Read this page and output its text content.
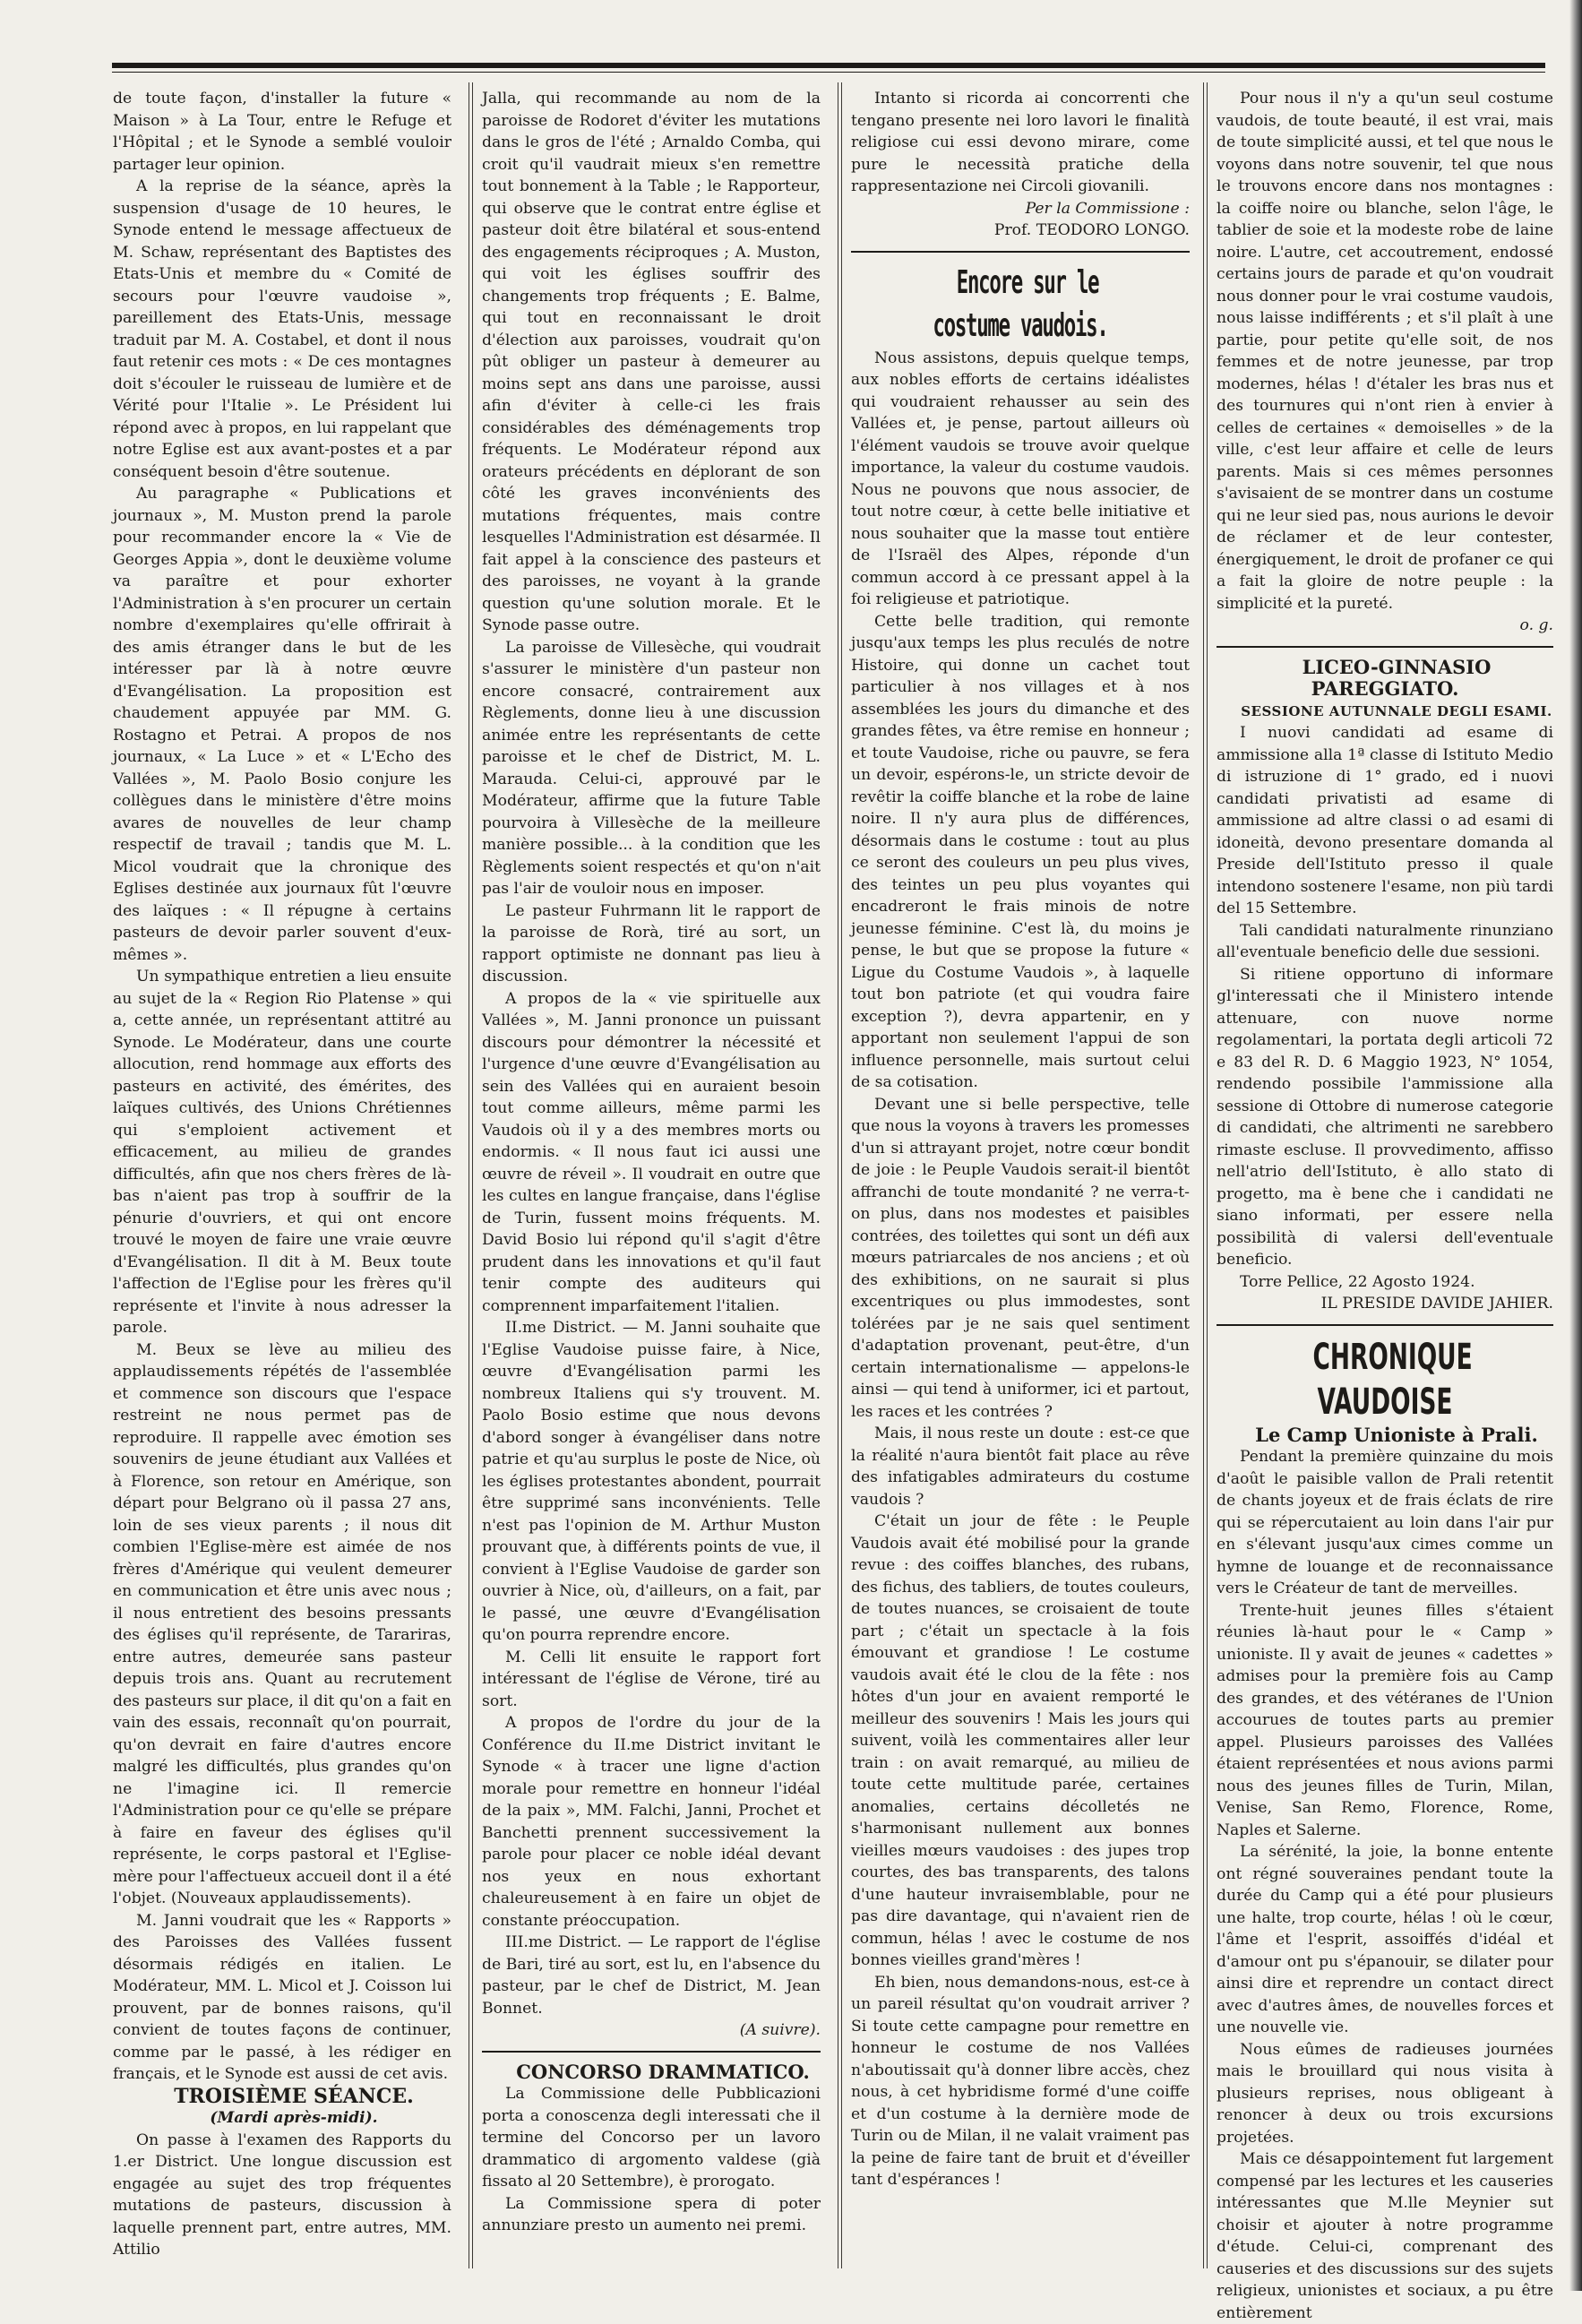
de toute façon, d'installer la future « Maison » à La Tour, entre le Refuge et l'Hôpital ; et le Synode a semblé vouloir partager leur opinion.

A la reprise de la séance, après la suspension d'usage de 10 heures, le Synode entend le message affectueux de M. Schaw, représentant des Baptistes des Etats-Unis et membre du « Comité de secours pour l'œuvre vaudoise », pareillement des Etats-Unis, message traduit par M. A. Costabel, et dont il nous faut retenir ces mots : « De ces montagnes doit s'écouler le ruisseau de lumière et de Vérité pour l'Italie ». Le Président lui répond avec à propos, en lui rappelant que notre Eglise est aux avant-postes et a par conséquent besoin d'être soutenue.

Au paragraphe « Publications et journaux », M. Muston prend la parole pour recommander encore la « Vie de Georges Appia », dont le deuxième volume va paraître et pour exhorter l'Administration à s'en procurer un certain nombre d'exemplaires qu'elle offrirait à des amis étranger dans le but de les intéresser par là à notre œuvre d'Evangélisation. La proposition est chaudement appuyée par MM. G. Rostagno et Petrai. A propos de nos journaux, « La Luce » et « L'Echo des Vallées », M. Paolo Bosio conjure les collègues dans le ministère d'être moins avares de nouvelles de leur champ respectif de travail ; tandis que M. L. Micol voudrait que la chronique des Eglises destinée aux journaux fût l'œuvre des laïques : « Il répugne à certains pasteurs de devoir parler souvent d'eux-mêmes ».

Un sympathique entretien a lieu ensuite au sujet de la « Region Rio Platense » qui a, cette année, un représentant attitré au Synode. Le Modérateur, dans une courte allocution, rend hommage aux efforts des pasteurs en activité, des émérites, des laïques cultivés, des Unions Chrétiennes qui s'emploient activement et efficacement, au milieu de grandes difficultés, afin que nos chers frères de là-bas n'aient pas trop à souffrir de la pénurie d'ouvriers, et qui ont encore trouvé le moyen de faire une vraie œuvre d'Evangélisation. Il dit à M. Beux toute l'affection de l'Eglise pour les frères qu'il représente et l'invite à nous adresser la parole.

M. Beux se lève au milieu des applaudissements répétés de l'assemblée et commence son discours que l'espace restreint ne nous permet pas de reproduire. Il rappelle avec émotion ses souvenirs de jeune étudiant aux Vallées et à Florence, son retour en Amérique, son départ pour Belgrano où il passa 27 ans, loin de ses vieux parents ; il nous dit combien l'Eglise-mère est aimée de nos frères d'Amérique qui veulent demeurer en communication et être unis avec nous ; il nous entretient des besoins pressants des églises qu'il représente, de Tarariras, entre autres, demeurée sans pasteur depuis trois ans. Quant au recrutement des pasteurs sur place, il dit qu'on a fait en vain des essais, reconnaît qu'on pourrait, qu'on devrait en faire d'autres encore malgré les difficultés, plus grandes qu'on ne l'imagine ici. Il remercie l'Administration pour ce qu'elle se prépare à faire en faveur des églises qu'il représente, le corps pastoral et l'Eglise-mère pour l'affectueux accueil dont il a été l'objet. (Nouveaux applaudissements).

M. Janni voudrait que les « Rapports » des Paroisses des Vallées fussent désormais rédigés en italien. Le Modérateur, MM. L. Micol et J. Coisson lui prouvent, par de bonnes raisons, qu'il convient de toutes façons de continuer, comme par le passé, à les rédiger en français, et le Synode est aussi de cet avis.

TROISIÈME SÉANCE.

(Mardi après-midi).

On passe à l'examen des Rapports du 1.er District. Une longue discussion est engagée au sujet des trop fréquentes mutations de pasteurs, discussion à laquelle prennent part, entre autres, MM. Attilio

Jalla, qui recommande au nom de la paroisse de Rodoret d'éviter les mutations dans le gros de l'été ; Arnaldo Comba, qui croit qu'il vaudrait mieux s'en remettre tout bonnement à la Table ; le Rapporteur, qui observe que le contrat entre église et pasteur doit être bilatéral et sous-entend des engagements réciproques ; A. Muston, qui voit les églises souffrir des changements trop fréquents ; E. Balme, qui tout en reconnaissant le droit d'élection aux paroisses, voudrait qu'on pût obliger un pasteur à demeurer au moins sept ans dans une paroisse, aussi afin d'éviter à celle-ci les frais considérables des déménagements trop fréquents. Le Modérateur répond aux orateurs précédents en déplorant de son côté les graves inconvénients des mutations fréquentes, mais contre lesquelles l'Administration est désarmée. Il fait appel à la conscience des pasteurs et des paroisses, ne voyant à la grande question qu'une solution morale. Et le Synode passe outre.

La paroisse de Villesèche, qui voudrait s'assurer le ministère d'un pasteur non encore consacré, contrairement aux Règlements, donne lieu à une discussion animée entre les représentants de cette paroisse et le chef de District, M. L. Marauda. Celui-ci, approuvé par le Modérateur, affirme que la future Table pourvoira à Villesèche de la meilleure manière possible... à la condition que les Règlements soient respectés et qu'on n'ait pas l'air de vouloir nous en imposer.

Le pasteur Fuhrmann lit le rapport de la paroisse de Rorà, tiré au sort, un rapport optimiste ne donnant pas lieu à discussion.

A propos de la « vie spirituelle aux Vallées », M. Janni prononce un puissant discours pour démontrer la nécessité et l'urgence d'une œuvre d'Evangélisation au sein des Vallées qui en auraient besoin tout comme ailleurs, même parmi les Vaudois où il y a des membres morts ou endormis. « Il nous faut ici aussi une œuvre de réveil ». Il voudrait en outre que les cultes en langue française, dans l'église de Turin, fussent moins fréquents. M. David Bosio lui répond qu'il s'agit d'être prudent dans les innovations et qu'il faut tenir compte des auditeurs qui comprennent imparfaitement l'italien.

II.me District. — M. Janni souhaite que l'Eglise Vaudoise puisse faire, à Nice, œuvre d'Evangélisation parmi les nombreux Italiens qui s'y trouvent. M. Paolo Bosio estime que nous devons d'abord songer à évangéliser dans notre patrie et qu'au surplus le poste de Nice, où les églises protestantes abondent, pourrait être supprimé sans inconvénients. Telle n'est pas l'opinion de M. Arthur Muston prouvant que, à différents points de vue, il convient à l'Eglise Vaudoise de garder son ouvrier à Nice, où, d'ailleurs, on a fait, par le passé, une œuvre d'Evangélisation qu'on pourra reprendre encore.

M. Celli lit ensuite le rapport fort intéressant de l'église de Vérone, tiré au sort.

A propos de l'ordre du jour de la Conférence du II.me District invitant le Synode « à tracer une ligne d'action morale pour remettre en honneur l'idéal de la paix », MM. Falchi, Janni, Prochet et Banchetti prennent successivement la parole pour placer ce noble idéal devant nos yeux en nous exhortant chaleureusement à en faire un objet de constante préoccupation.

III.me District. — Le rapport de l'église de Bari, tiré au sort, est lu, en l'absence du pasteur, par le chef de District, M. Jean Bonnet.

(A suivre).

CONCORSO DRAMMATICO.

La Commissione delle Pubblicazioni porta a conoscenza degli interessati che il termine del Concorso per un lavoro drammatico di argomento valdese (già fissato al 20 Settembre), è prorogato.

La Commissione spera di poter annunziare presto un aumento nei premi.

Intanto si ricorda ai concorrenti che tengano presente nei loro lavori le finalità religiose cui essi devono mirare, come pure le necessità pratiche della rappresentazione nei Circoli giovanili.

Per la Commissione :

Prof. TEODORO LONGO.

Encore sur le costume vaudois.

Nous assistons, depuis quelque temps, aux nobles efforts de certains idéalistes qui voudraient rehausser au sein des Vallées et, je pense, partout ailleurs où l'élément vaudois se trouve avoir quelque importance, la valeur du costume vaudois. Nous ne pouvons que nous associer, de tout notre cœur, à cette belle initiative et nous souhaiter que la masse tout entière de l'Israël des Alpes, réponde d'un commun accord à ce pressant appel à la foi religieuse et patriotique.

Cette belle tradition, qui remonte jusqu'aux temps les plus reculés de notre Histoire, qui donne un cachet tout particulier à nos villages et à nos assemblées les jours du dimanche et des grandes fêtes, va être remise en honneur ; et toute Vaudoise, riche ou pauvre, se fera un devoir, espérons-le, un stricte devoir de revêtir la coiffe blanche et la robe de laine noire. Il n'y aura plus de différences, désormais dans le costume : tout au plus ce seront des couleurs un peu plus vives, des teintes un peu plus voyantes qui encadreront le frais minois de notre jeunesse féminine. C'est là, du moins je pense, le but que se propose la future « Ligue du Costume Vaudois », à laquelle tout bon patriote (et qui voudra faire exception ?), devra appartenir, en y apportant non seulement l'appui de son influence personnelle, mais surtout celui de sa cotisation.

Devant une si belle perspective, telle que nous la voyons à travers les promesses d'un si attrayant projet, notre cœur bondit de joie : le Peuple Vaudois serait-il bientôt affranchi de toute mondanité ? ne verra-t-on plus, dans nos modestes et paisibles contrées, des toilettes qui sont un défi aux mœurs patriarcales de nos anciens ; et où des exhibitions, on ne saurait si plus excentriques ou plus immodestes, sont tolérées par je ne sais quel sentiment d'adaptation provenant, peut-être, d'un certain internationalisme — appelons-le ainsi — qui tend à uniformer, ici et partout, les races et les contrées ?

Mais, il nous reste un doute : est-ce que la réalité n'aura bientôt fait place au rêve des infatigables admirateurs du costume vaudois ?

C'était un jour de fête : le Peuple Vaudois avait été mobilisé pour la grande revue : des coiffes blanches, des rubans, des fichus, des tabliers, de toutes couleurs, de toutes nuances, se croisaient de toute part ; c'était un spectacle à la fois émouvant et grandiose ! Le costume vaudois avait été le clou de la fête : nos hôtes d'un jour en avaient remporté le meilleur des souvenirs ! Mais les jours qui suivent, voilà les commentaires aller leur train : on avait remarqué, au milieu de toute cette multitude parée, certaines anomalies, certains décolletés ne s'harmonisant nullement aux bonnes vieilles mœurs vaudoises : des jupes trop courtes, des bas transparents, des talons d'une hauteur invraisemblable, pour ne pas dire davantage, qui n'avaient rien de commun, hélas ! avec le costume de nos bonnes vieilles grand'mères !

Eh bien, nous demandons-nous, est-ce à un pareil résultat qu'on voudrait arriver ? Si toute cette campagne pour remettre en honneur le costume de nos Vallées n'aboutissait qu'à donner libre accès, chez nous, à cet hybridisme formé d'une coiffe et d'un costume à la dernière mode de Turin ou de Milan, il ne valait vraiment pas la peine de faire tant de bruit et d'éveiller tant d'espérances !

Pour nous il n'y a qu'un seul costume vaudois, de toute beauté, il est vrai, mais de toute simplicité aussi, et tel que nous le voyons dans notre souvenir, tel que nous le trouvons encore dans nos montagnes : la coiffe noire ou blanche, selon l'âge, le tablier de soie et la modeste robe de laine noire. L'autre, cet accoutrement, endossé certains jours de parade et qu'on voudrait nous donner pour le vrai costume vaudois, nous laisse indifférents ; et s'il plaît à une partie, pour petite qu'elle soit, de nos femmes et de notre jeunesse, par trop modernes, hélas ! d'étaler les bras nus et des tournures qui n'ont rien à envier à celles de certaines « demoiselles » de la ville, c'est leur affaire et celle de leurs parents. Mais si ces mêmes personnes s'avisaient de se montrer dans un costume qui ne leur sied pas, nous aurions le devoir de réclamer et de leur contester, énergiquement, le droit de profaner ce qui a fait la gloire de notre peuple : la simplicité et la pureté.

o. g.

LICEO-GINNASIO PAREGGIATO.

SESSIONE AUTUNNALE DEGLI ESAMI.

I nuovi candidati ad esame di ammissione alla 1ª classe di Istituto Medio di istruzione di 1° grado, ed i nuovi candidati privatisti ad esame di ammissione ad altre classi o ad esami di idoneità, devono presentare domanda al Preside dell'Istituto presso il quale intendono sostenere l'esame, non più tardi del 15 Settembre.

Tali candidati naturalmente rinunziano all'eventuale beneficio delle due sessioni.

Si ritiene opportuno di informare gl'interessati che il Ministero intende attenuare, con nuove norme regolamentari, la portata degli articoli 72 e 83 del R. D. 6 Maggio 1923, N° 1054, rendendo possibile l'ammissione alla sessione di Ottobre di numerose categorie di candidati, che altrimenti ne sarebbero rimaste escluse. Il provvedimento, affisso nell'atrio dell'Istituto, è allo stato di progetto, ma è bene che i candidati ne siano informati, per essere nella possibilità di valersi dell'eventuale beneficio.

Torre Pellice, 22 Agosto 1924.

IL PRESIDE DAVIDE JAHIER.

CHRONIQUE VAUDOISE

Le Camp Unioniste à Prali.

Pendant la première quinzaine du mois d'août le paisible vallon de Prali retentit de chants joyeux et de frais éclats de rire qui se répercutaient au loin dans l'air pur en s'élevant jusqu'aux cimes comme un hymne de louange et de reconnaissance vers le Créateur de tant de merveilles.

Trente-huit jeunes filles s'étaient réunies là-haut pour le « Camp » unioniste. Il y avait de jeunes « cadettes » admises pour la première fois au Camp des grandes, et des vétéranes de l'Union accourues de toutes parts au premier appel. Plusieurs paroisses des Vallées étaient représentées et nous avions parmi nous des jeunes filles de Turin, Milan, Venise, San Remo, Florence, Rome, Naples et Salerne.

La sérénité, la joie, la bonne entente ont régné souveraines pendant toute la durée du Camp qui a été pour plusieurs une halte, trop courte, hélas ! où le cœur, l'âme et l'esprit, assoiffés d'idéal et d'amour ont pu s'épanouir, se dilater pour ainsi dire et reprendre un contact direct avec d'autres âmes, de nouvelles forces et une nouvelle vie.

Nous eûmes de radieuses journées mais le brouillard qui nous visita à plusieurs reprises, nous obligeant à renoncer à deux ou trois excursions projetées.

Mais ce désappointement fut largement compensé par les lectures et les causeries intéressantes que M.lle Meynier sut choisir et ajouter à notre programme d'étude. Celui-ci, comprenant des causeries et des discussions sur des sujets religieux, unionistes et sociaux, a pu être entièrement
